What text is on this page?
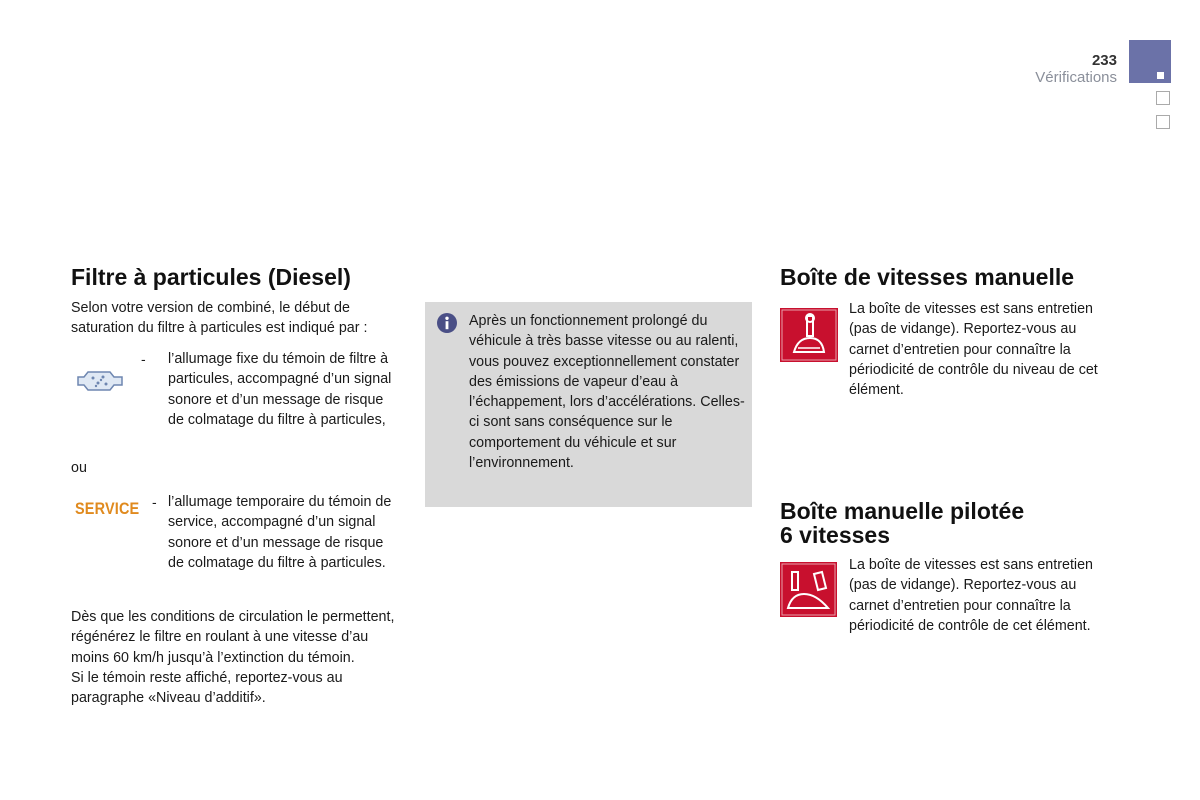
233
Vérifications
Filtre à particules (Diesel)
Selon votre version de combiné, le début de saturation du filtre à particules est indiqué par :
- l’allumage fixe du témoin de filtre à particules, accompagné d’un signal sonore et d’un message de risque de colmatage du filtre à particules,
ou
SERVICE - l’allumage temporaire du témoin de service, accompagné d’un signal sonore et d’un message de risque de colmatage du filtre à particules.
Dès que les conditions de circulation le permettent, régénérez le filtre en roulant à une vitesse d’au moins 60 km/h jusqu’à l’extinction du témoin.
Si le témoin reste affiché, reportez-vous au paragraphe «Niveau d’additif».
Après un fonctionnement prolongé du véhicule à très basse vitesse ou au ralenti, vous pouvez exceptionnellement constater des émissions de vapeur d’eau à l’échappement, lors d’accélérations. Celles-ci sont sans conséquence sur le comportement du véhicule et sur l’environnement.
Boîte de vitesses manuelle
La boîte de vitesses est sans entretien (pas de vidange). Reportez-vous au carnet d’entretien pour connaître la périodicité de contrôle du niveau de cet élément.
Boîte manuelle pilotée
6 vitesses
La boîte de vitesses est sans entretien (pas de vidange). Reportez-vous au carnet d’entretien pour connaître la périodicité de contrôle de cet élément.
